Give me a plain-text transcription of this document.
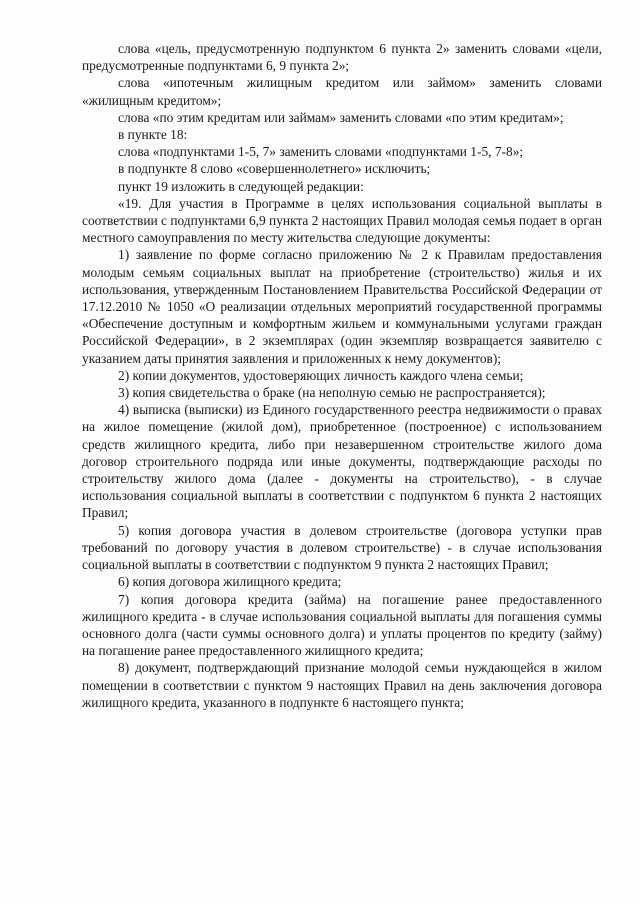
слова «цель, предусмотренную подпунктом 6 пункта 2» заменить словами «цели, предусмотренные подпунктами 6, 9 пункта 2»;

слова «ипотечным жилищным кредитом или займом» заменить словами «жилищным кредитом»;

слова «по этим кредитам или займам» заменить словами «по этим кредитам»;

в пункте 18:

слова «подпунктами 1-5, 7» заменить словами «подпунктами 1-5, 7-8»;

в подпункте 8 слово «совершеннолетнего» исключить;

пункт 19 изложить в следующей редакции:

«19. Для участия в Программе в целях использования социальной выплаты в соответствии с подпунктами 6,9 пункта 2 настоящих Правил молодая семья подает в орган местного самоуправления по месту жительства следующие документы:

1) заявление по форме согласно приложению № 2 к Правилам предоставления молодым семьям социальных выплат на приобретение (строительство) жилья и их использования, утвержденным Постановлением Правительства Российской Федерации от 17.12.2010 № 1050 «О реализации отдельных мероприятий государственной программы «Обеспечение доступным и комфортным жильем и коммунальными услугами граждан Российской Федерации», в 2 экземплярах (один экземпляр возвращается заявителю с указанием даты принятия заявления и приложенных к нему документов);

2) копии документов, удостоверяющих личность каждого члена семьи;

3) копия свидетельства о браке (на неполную семью не распространяется);

4) выписка (выписки) из Единого государственного реестра недвижимости о правах на жилое помещение (жилой дом), приобретенное (построенное) с использованием средств жилищного кредита, либо при незавершенном строительстве жилого дома договор строительного подряда или иные документы, подтверждающие расходы по строительству жилого дома (далее - документы на строительство), - в случае использования социальной выплаты в соответствии с подпунктом 6 пункта 2 настоящих Правил;

5) копия договора участия в долевом строительстве (договора уступки прав требований по договору участия в долевом строительстве) - в случае использования социальной выплаты в соответствии с подпунктом 9 пункта 2 настоящих Правил;

6) копия договора жилищного кредита;

7) копия договора кредита (займа) на погашение ранее предоставленного жилищного кредита - в случае использования социальной выплаты для погашения суммы основного долга (части суммы основного долга) и уплаты процентов по кредиту (займу) на погашение ранее предоставленного жилищного кредита;

8) документ, подтверждающий признание молодой семьи нуждающейся в жилом помещении в соответствии с пунктом 9 настоящих Правил на день заключения договора жилищного кредита, указанного в подпункте 6 настоящего пункта;
